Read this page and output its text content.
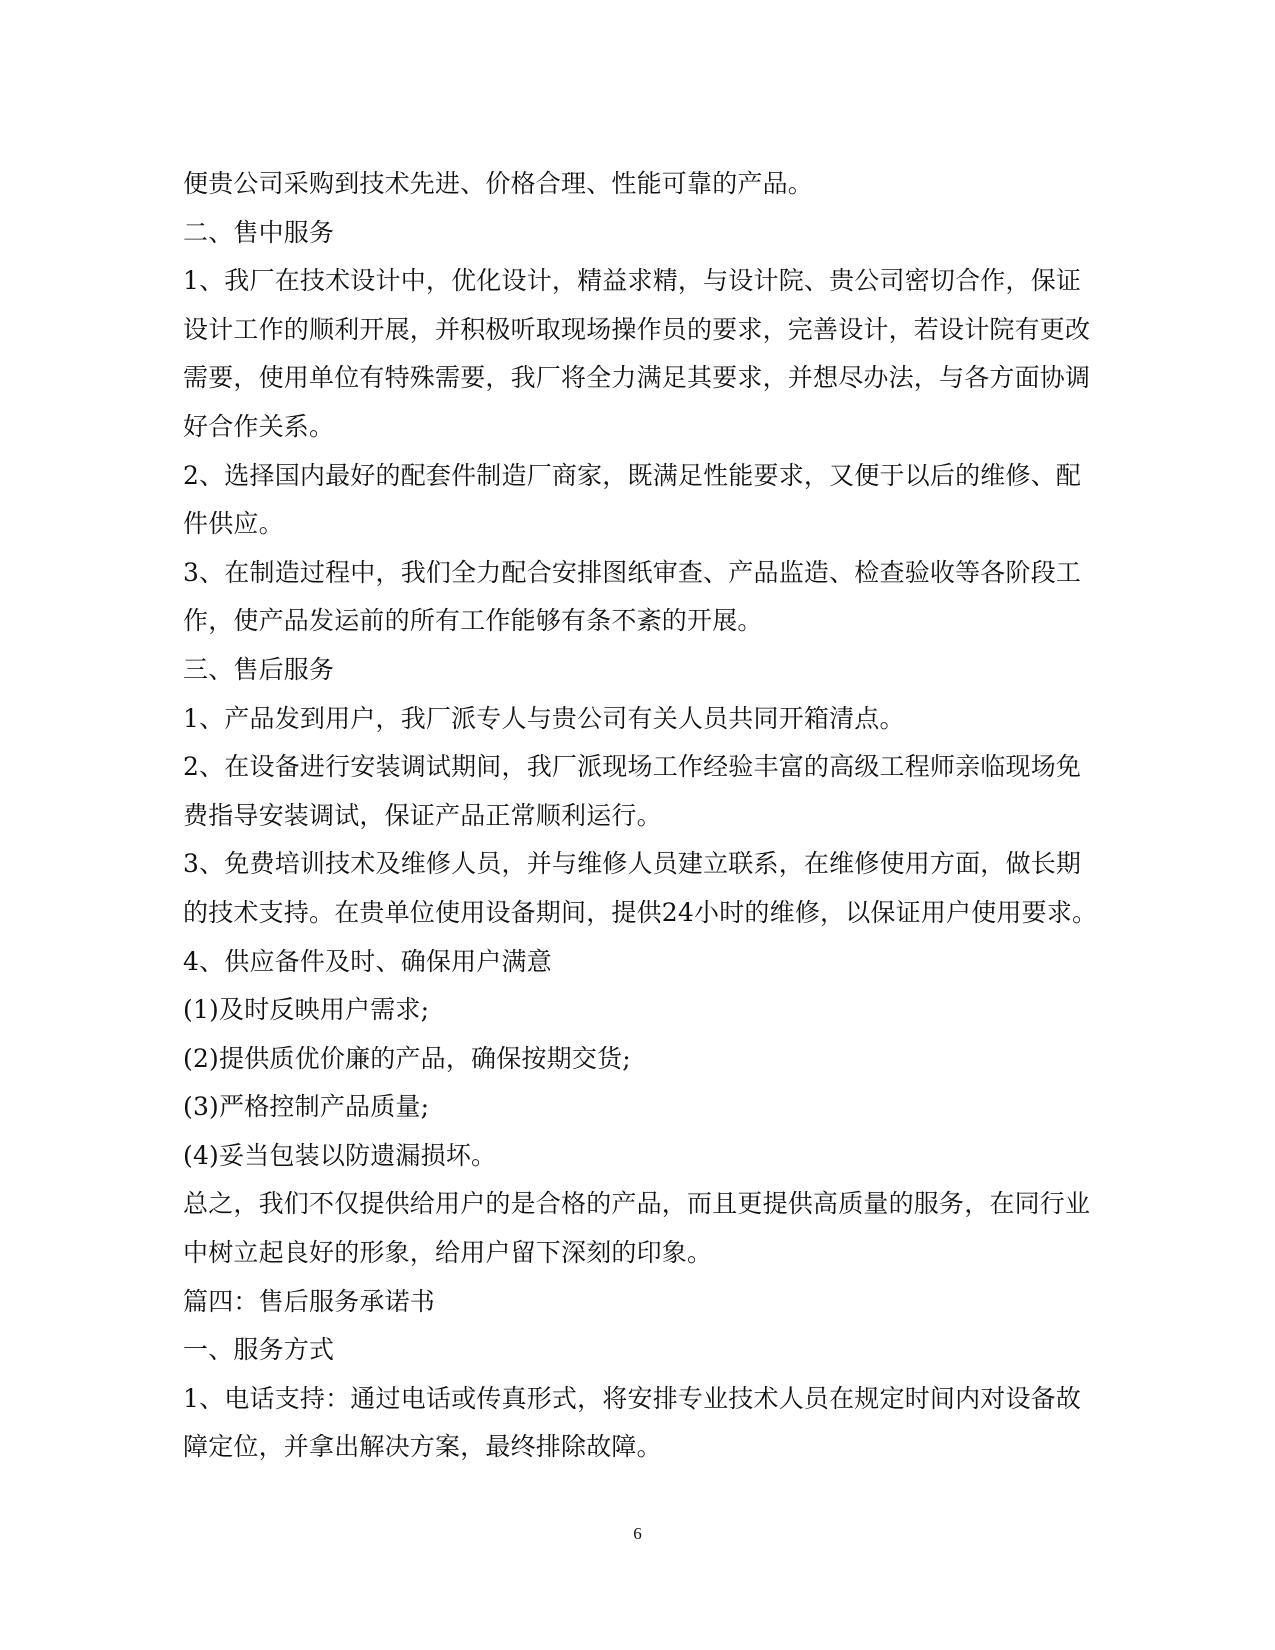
便贵公司采购到技术先进、价格合理、性能可靠的产品。
二、售中服务
1、我厂在技术设计中，优化设计，精益求精，与设计院、贵公司密切合作，保证
设计工作的顺利开展，并积极听取现场操作员的要求，完善设计，若设计院有更改
需要，使用单位有特殊需要，我厂将全力满足其要求，并想尽办法，与各方面协调
好合作关系。
2、选择国内最好的配套件制造厂商家，既满足性能要求，又便于以后的维修、配
件供应。
3、在制造过程中，我们全力配合安排图纸审查、产品监造、检查验收等各阶段工
作，使产品发运前的所有工作能够有条不紊的开展。
三、售后服务
1、产品发到用户，我厂派专人与贵公司有关人员共同开箱清点。
2、在设备进行安装调试期间，我厂派现场工作经验丰富的高级工程师亲临现场免
费指导安装调试，保证产品正常顺利运行。
3、免费培训技术及维修人员，并与维修人员建立联系，在维修使用方面，做长期
的技术支持。在贵单位使用设备期间，提供24小时的维修，以保证用户使用要求。
4、供应备件及时、确保用户满意
(1)及时反映用户需求;
(2)提供质优价廉的产品，确保按期交货;
(3)严格控制产品质量;
(4)妥当包装以防遗漏损坏。
总之，我们不仅提供给用户的是合格的产品，而且更提供高质量的服务，在同行业
中树立起良好的形象，给用户留下深刻的印象。
篇四：售后服务承诺书
一、服务方式
1、电话支持：通过电话或传真形式，将安排专业技术人员在规定时间内对设备故
障定位，并拿出解决方案，最终排除故障。
6
